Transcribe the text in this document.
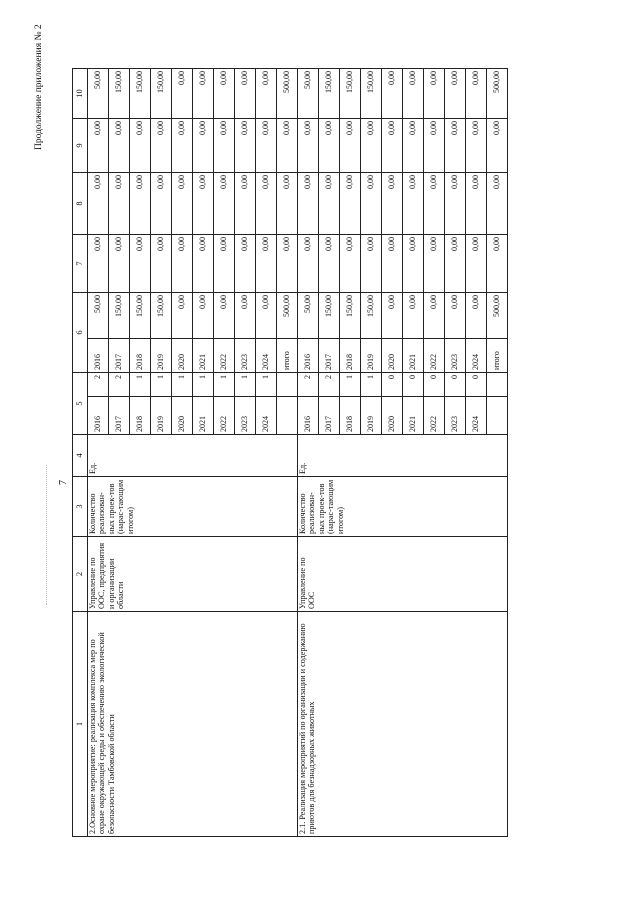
7
Продолжение приложения № 2
1	2	3	4	5		6		7	8	9	10
2.Основное мероприятие: реализация комплекса мер по охране окружающей среды и обеспечению экологической безопасности Тамбовской области	Управление по ООС, предприятия и организации области	Количество реализован-ных проек-тов (нарас-тающим итогом)	Ед.	2016	2	2016	50,00	0,00	0,00	0,00	50,00
				2017	2	2017	150,00	0,00	0,00	0,00	150,00
				2018	1	2018	150,00	0,00	0,00	0,00	150,00
				2019	1	2019	150,00	0,00	0,00	0,00	150,00
				2020	1	2020	0,00	0,00	0,00	0,00	0,00
				2021	1	2021	0,00	0,00	0,00	0,00	0,00
				2022	1	2022	0,00	0,00	0,00	0,00	0,00
				2023	1	2023	0,00	0,00	0,00	0,00	0,00
				2024	1	2024	0,00	0,00	0,00	0,00	0,00
						итого	500,00	0,00	0,00	0,00	500,00
2.1. Реализация мероприятий по организации и содержанию приютов для безнадзорных животных	Управление по ООС	Количество реализован-ных проек-тов (нарас-тающим итогом)	Ед.	2016	2	2016	50,00	0,00	0,00	0,00	50,00
				2017	2	2017	150,00	0,00	0,00	0,00	150,00
				2018	1	2018	150,00	0,00	0,00	0,00	150,00
				2019	1	2019	150,00	0,00	0,00	0,00	150,00
				2020	0	2020	0,00	0,00	0,00	0,00	0,00
				2021	0	2021	0,00	0,00	0,00	0,00	0,00
				2022	0	2022	0,00	0,00	0,00	0,00	0,00
				2023	0	2023	0,00	0,00	0,00	0,00	0,00
				2024	0	2024	0,00	0,00	0,00	0,00	0,00
						итого	500,00	0,00	0,00	0,00	500,00
